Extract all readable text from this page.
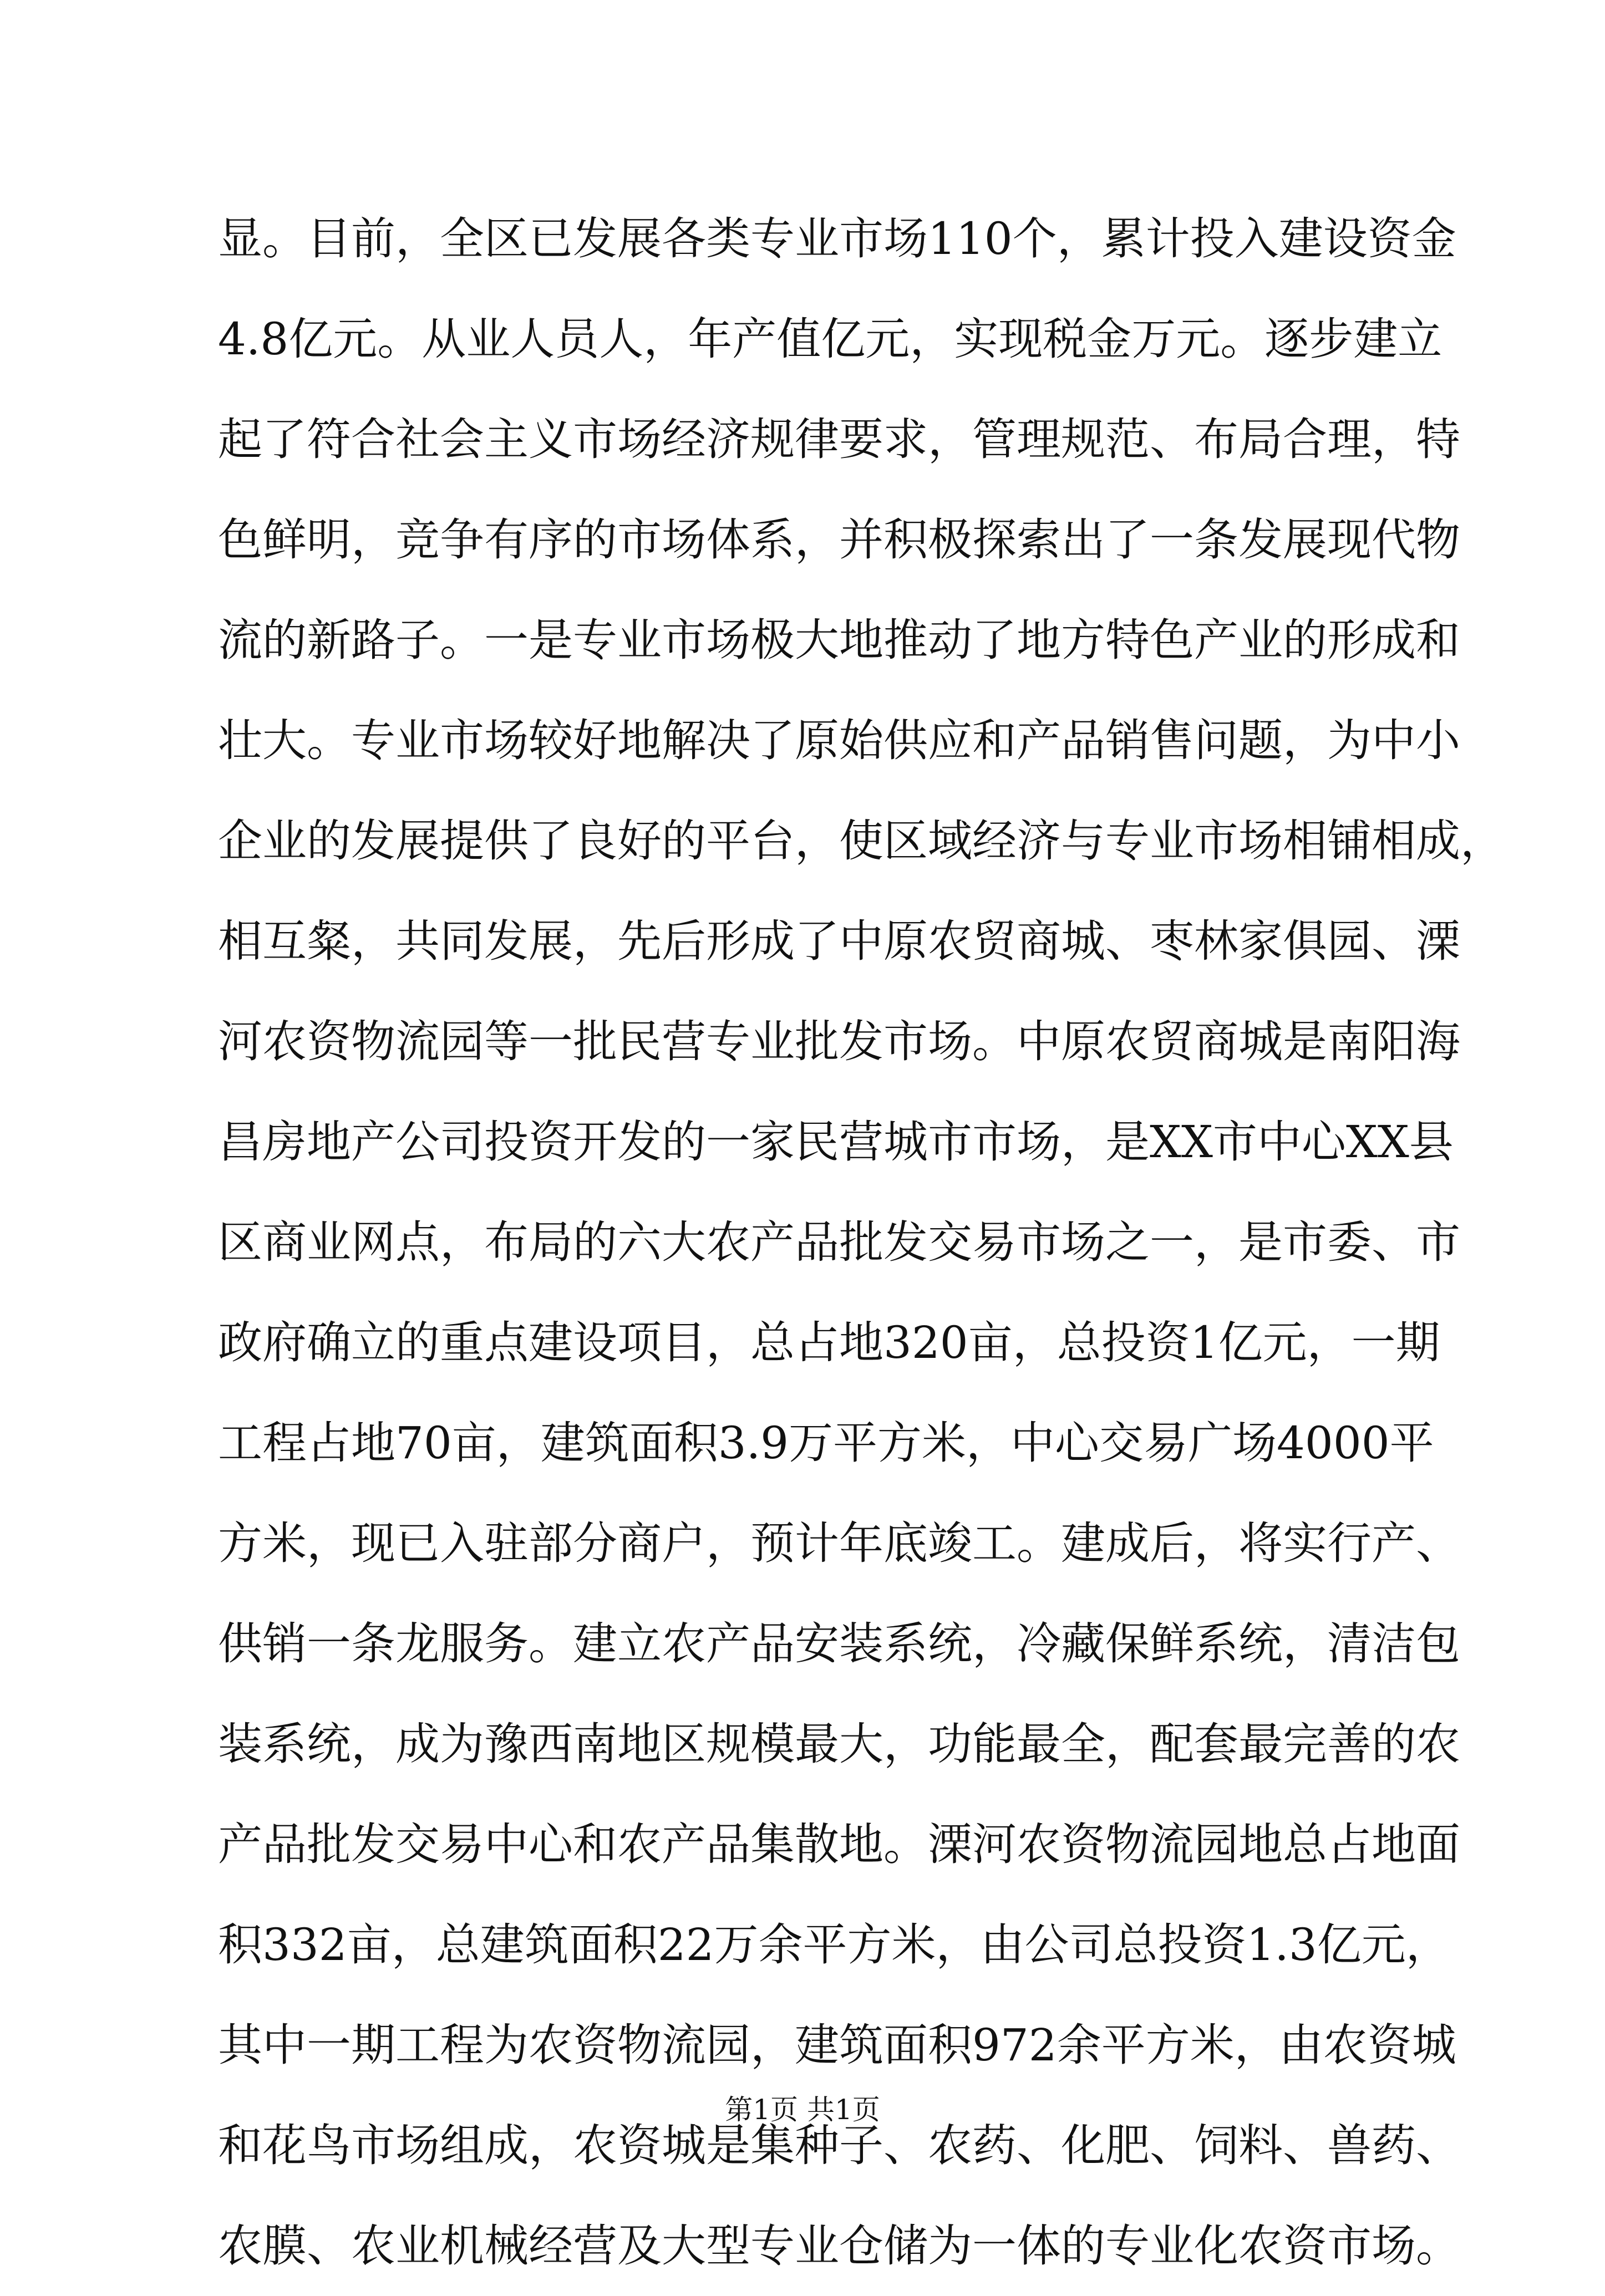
显。目前，全区已发展各类专业市场110个，累计投入建设资金
4.8亿元。从业人员人，年产值亿元，实现税金万元。逐步建立
起了符合社会主义市场经济规律要求，管理规范、布局合理，特
色鲜明，竞争有序的市场体系，并积极探索出了一条发展现代物
流的新路子。一是专业市场极大地推动了地方特色产业的形成和
壮大。专业市场较好地解决了原始供应和产品销售问题，为中小
企业的发展提供了良好的平台，使区域经济与专业市场相铺相成，
相互粲，共同发展，先后形成了中原农贸商城、枣林家俱园、溧
河农资物流园等一批民营专业批发市场。中原农贸商城是南阳海
昌房地产公司投资开发的一家民营城市市场，是XX市中心XX县
区商业网点，布局的六大农产品批发交易市场之一，是市委、市
政府确立的重点建设项目，总占地320亩，总投资1亿元，一期
工程占地70亩，建筑面积3.9万平方米，中心交易广场4000平
方米，现已入驻部分商户，预计年底竣工。建成后，将实行产、
供销一条龙服务。建立农产品安装系统，冷藏保鲜系统，清洁包
装系统，成为豫西南地区规模最大，功能最全，配套最完善的农
产品批发交易中心和农产品集散地。溧河农资物流园地总占地面
积332亩，总建筑面积22万余平方米，由公司总投资1.3亿元，
其中一期工程为农资物流园，建筑面积972余平方米，由农资城
和花鸟市场组成，农资城是集种子、农药、化肥、饲料、兽药、
农膜、农业机械经营及大型专业仓储为一体的专业化农资市场。
第1页 共1页
